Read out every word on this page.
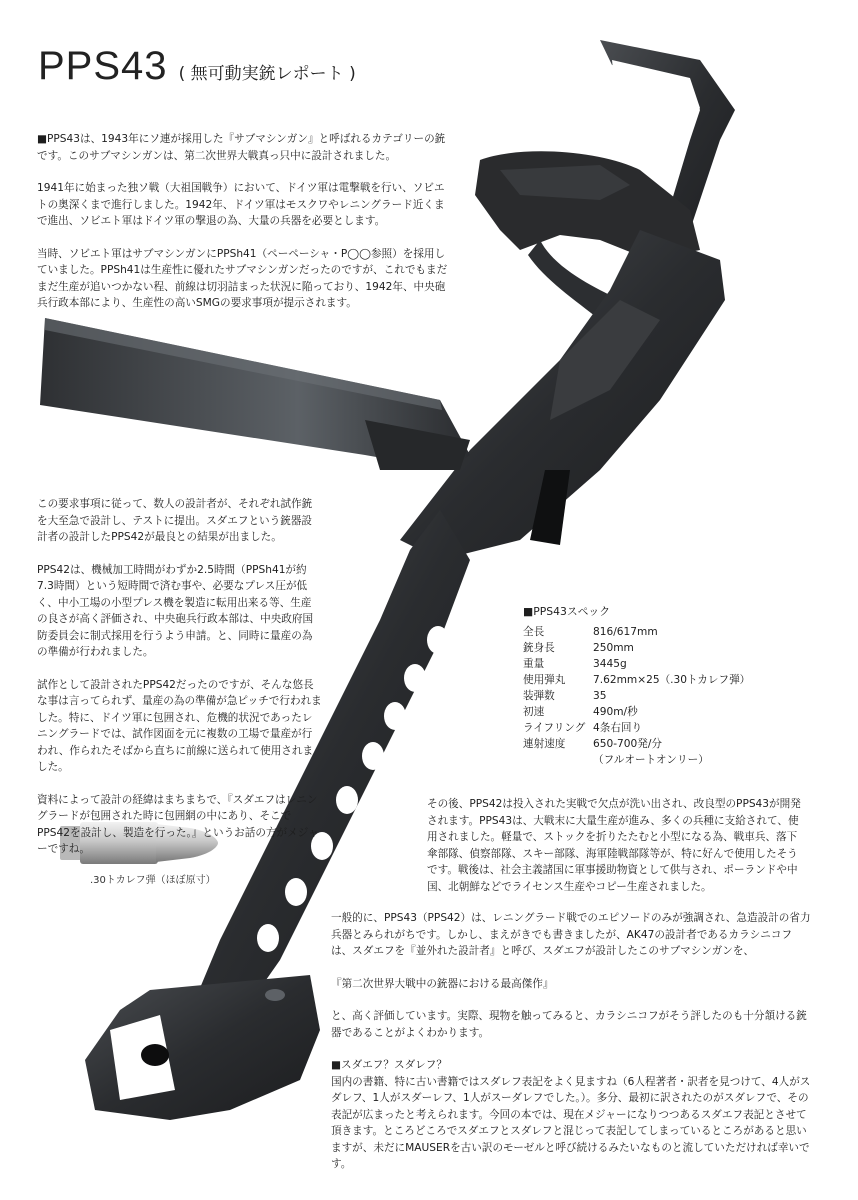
PPS43 ( 無可動実銃レポート )

■PPS43は、1943年にソ連が採用した『サブマシンガン』と呼ばれるカテゴリーの銃です。このサブマシンガンは、第二次世界大戦真っ只中に設計されました。

1941年に始まった独ソ戦（大祖国戦争）において、ドイツ軍は電撃戦を行い、ソビエトの奥深くまで進行しました。1942年、ドイツ軍はモスクワやレニングラード近くまで進出、ソビエト軍はドイツ軍の撃退の為、大量の兵器を必要とします。

当時、ソビエト軍はサブマシンガンにPPSh41（ペーペーシャ・P◯◯参照）を採用していました。PPSh41は生産性に優れたサブマシンガンだったのですが、これでもまだまだ生産が追いつかない程、前線は切羽詰まった状況に陥っており、1942年、中央砲兵行政本部により、生産性の高いSMGの要求事項が提示されます。

この要求事項に従って、数人の設計者が、それぞれ試作銃を大至急で設計し、テストに提出。スダエフという銃器設計者の設計したPPS42が最良との結果が出ました。

PPS42は、機械加工時間がわずか2.5時間（PPSh41が約7.3時間）という短時間で済む事や、必要なプレス圧が低く、中小工場の小型プレス機を製造に転用出来る等、生産の良さが高く評価され、中央砲兵行政本部は、中央政府国防委員会に制式採用を行うよう申請。と、同時に量産の為の準備が行われました。

試作として設計されたPPS42だったのですが、そんな悠長な事は言ってられず、量産の為の準備が急ピッチで行われました。特に、ドイツ軍に包囲され、危機的状況であったレニングラードでは、試作図面を元に複数の工場で量産が行われ、作られたそばから直ちに前線に送られて使用されました。

資料によって設計の経緯はまちまちで、『スダエフはレニングラードが包囲された時に包囲網の中にあり、そこでPPS42を設計し、製造を行った。』というお話の方がメジャーですね。

■PPS43スペック
全長	816/617mm
銃身長	250mm
重量	3445g
使用弾丸	7.62mm×25（.30トカレフ弾）
装弾数	35
初速	490m/秒
ライフリング 4条右回り
連射速度	650-700発/分
（フルオートオンリー）
.30トカレフ弾（ほぼ原寸）

その後、PPS42は投入された実戦で欠点が洗い出され、改良型のPPS43が開発されます。PPS43は、大戦末に大量生産が進み、多くの兵種に支給されて、使用されました。軽量で、ストックを折りたたむと小型になる為、戦車兵、落下傘部隊、偵察部隊、スキー部隊、海軍陸戦部隊等が、特に好んで使用したそうです。戦後は、社会主義諸国に軍事援助物資として供与され、ポーランドや中国、北朝鮮などでライセンス生産やコピー生産されました。

一般的に、PPS43（PPS42）は、レニングラード戦でのエピソードのみが強調され、急造設計の省力兵器とみられがちです。しかし、まえがきでも書きましたが、AK47の設計者であるカラシニコフは、スダエフを『並外れた設計者』と呼び、スダエフが設計したこのサブマシンガンを、

『第二次世界大戦中の銃器における最高傑作』

と、高く評価しています。実際、現物を触ってみると、カラシニコフがそう評したのも十分頷ける銃器であることがよくわかります。

■スダエフ？スダレフ？
国内の書籍、特に古い書籍ではスダレフ表記をよく見ますね（6人程著者・訳者を見つけて、4人がスダレフ、1人がスダーレフ、1人がスーダレフでした。）。多分、最初に訳されたのがスダレフで、その表記が広まったと考えられます。今回の本では、現在メジャーになりつつあるスダエフ表記とさせて頂きます。ところどころでスダエフとスダレフと混じって表記してしまっているところがあると思いますが、未だにMAUSERを古い訳のモーゼルと呼び続けるみたいなものと流していただければ幸いです。
